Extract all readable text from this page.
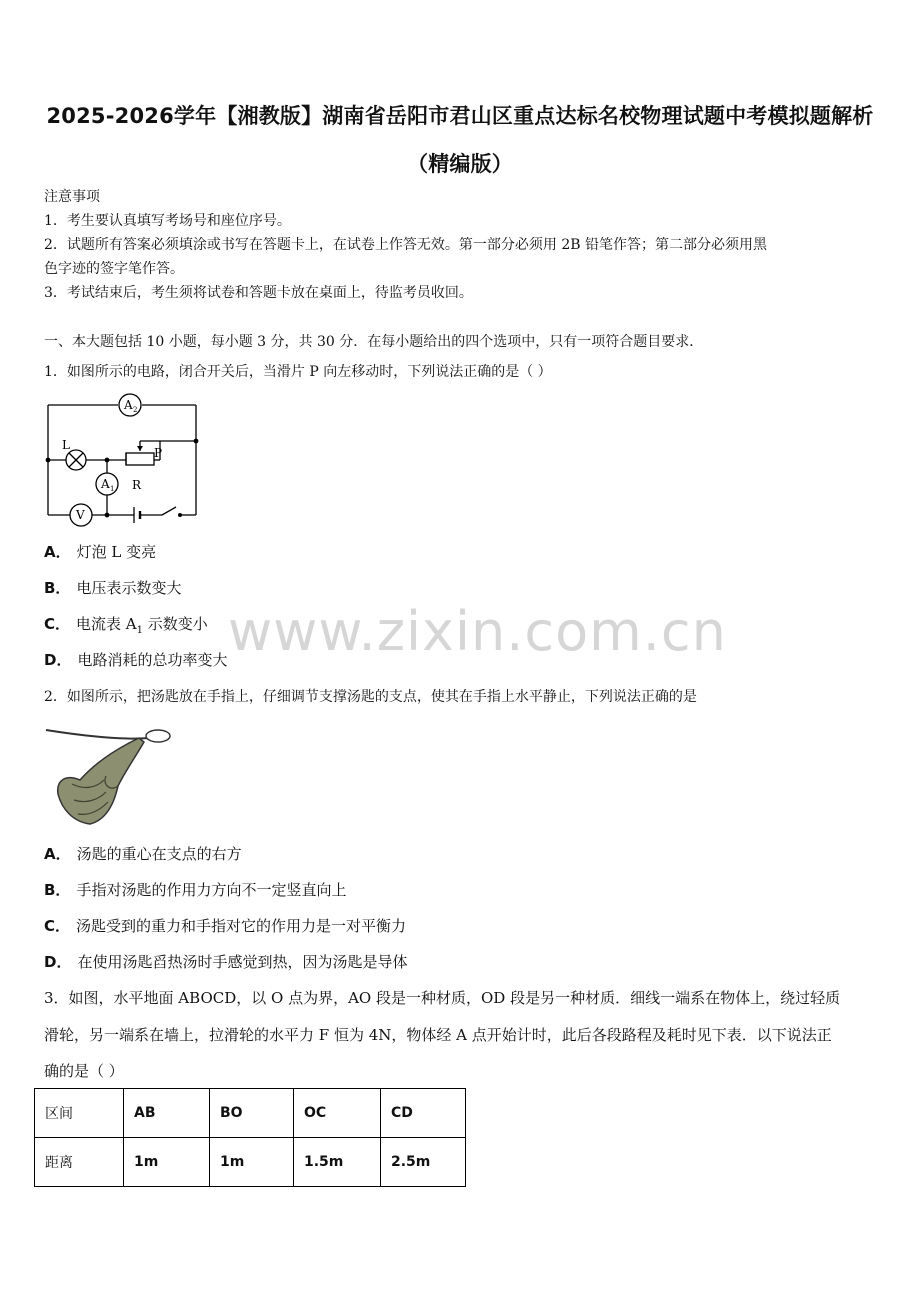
2025-2026学年【湘教版】湖南省岳阳市君山区重点达标名校物理试题中考模拟题解析
（精编版）
注意事项
1．考生要认真填写考场号和座位序号。
2．试题所有答案必须填涂或书写在答题卡上，在试卷上作答无效。第一部分必须用 2B 铅笔作答；第二部分必须用黑
色字迹的签字笔作答。
3．考试结束后，考生须将试卷和答题卡放在桌面上，待监考员收回。
一、本大题包括 10 小题，每小题 3 分，共 30 分．在每小题给出的四个选项中，只有一项符合题目要求．
1．如图所示的电路，闭合开关后，当滑片 P 向左移动时，下列说法正确的是（ ）
A 2
A 1
V
L
P
R
A． 灯泡 L 变亮
B． 电压表示数变大
C． 电流表 $A_1$ 示数变小
D． 电路消耗的总功率变大 www.zixin.com.cn
2．如图所示，把汤匙放在手指上，仔细调节支撑汤匙的支点，使其在手指上水平静止，下列说法正确的是
A． 汤匙的重心在支点的右方
B． 手指对汤匙的作用力方向不一定竖直向上
C． 汤匙受到的重力和手指对它的作用力是一对平衡力
D． 在使用汤匙舀热汤时手感觉到热，因为汤匙是导体
3．如图，水平地面 ABOCD，以 O 点为界，AO 段是一种材质，OD 段是另一种材质．细线一端系在物体上，绕过轻质
滑轮，另一端系在墙上，拉滑轮的水平力 F 恒为 4N，物体经 A 点开始计时，此后各段路程及耗时见下表．以下说法正
确的是（ ）
区间	AB	BO	OC	CD
距离	1m	1m	1.5m	2.5m
